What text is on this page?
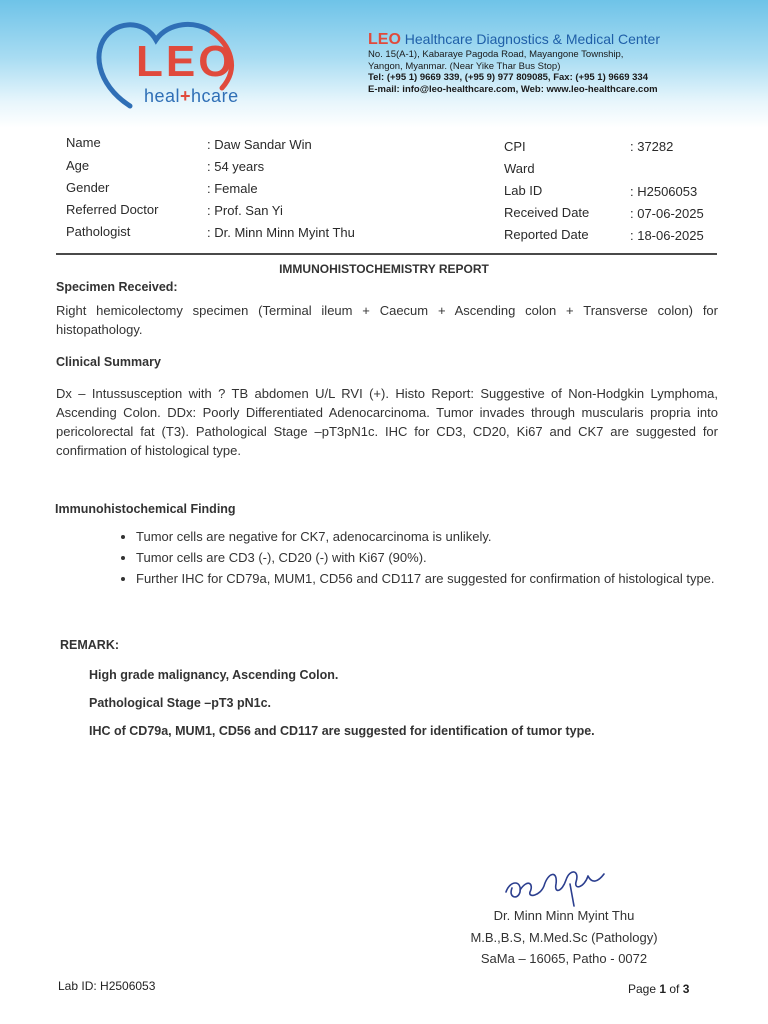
LEO
heal+hcare
LEO Healthcare Diagnostics & Medical Center
No. 15(A-1), Kabaraye Pagoda Road, Mayangone Township,
Yangon, Myanmar. (Near Yike Thar Bus Stop)
Tel: (+95 1) 9669 339, (+95 9) 977 809085, Fax: (+95 1) 9669 334
E-mail: info@leo-healthcare.com, Web: www.leo-healthcare.com
Name	: Daw Sandar Win
Age	: 54 years
Gender	: Female
Referred Doctor	: Prof. San Yi
Pathologist	: Dr. Minn Minn Myint Thu
CPI	: 37282
Ward
Lab ID	: H2506053
Received Date	: 07-06-2025
Reported Date	: 18-06-2025
IMMUNOHISTOCHEMISTRY REPORT
Specimen Received:
Right hemicolectomy specimen (Terminal ileum + Caecum + Ascending colon + Transverse colon) for histopathology.
Clinical Summary
Dx – Intussusception with ? TB abdomen U/L RVI (+). Histo Report: Suggestive of Non-Hodgkin Lymphoma, Ascending Colon. DDx: Poorly Differentiated Adenocarcinoma. Tumor invades through muscularis propria into pericolorectal fat (T3). Pathological Stage –pT3pN1c. IHC for CD3, CD20, Ki67 and CK7 are suggested for confirmation of histological type.
Immunohistochemical Finding
• Tumor cells are negative for CK7, adenocarcinoma is unlikely.
• Tumor cells are CD3 (-), CD20 (-) with Ki67 (90%).
• Further IHC for CD79a, MUM1, CD56 and CD117 are suggested for confirmation of histological type.
REMARK:
High grade malignancy, Ascending Colon.
Pathological Stage –pT3 pN1c.
IHC of CD79a, MUM1, CD56 and CD117 are suggested for identification of tumor type.
Dr. Minn Minn Myint Thu
M.B.,B.S, M.Med.Sc (Pathology)
SaMa – 16065, Patho - 0072
Lab ID: H2506053	Page 1 of 3
